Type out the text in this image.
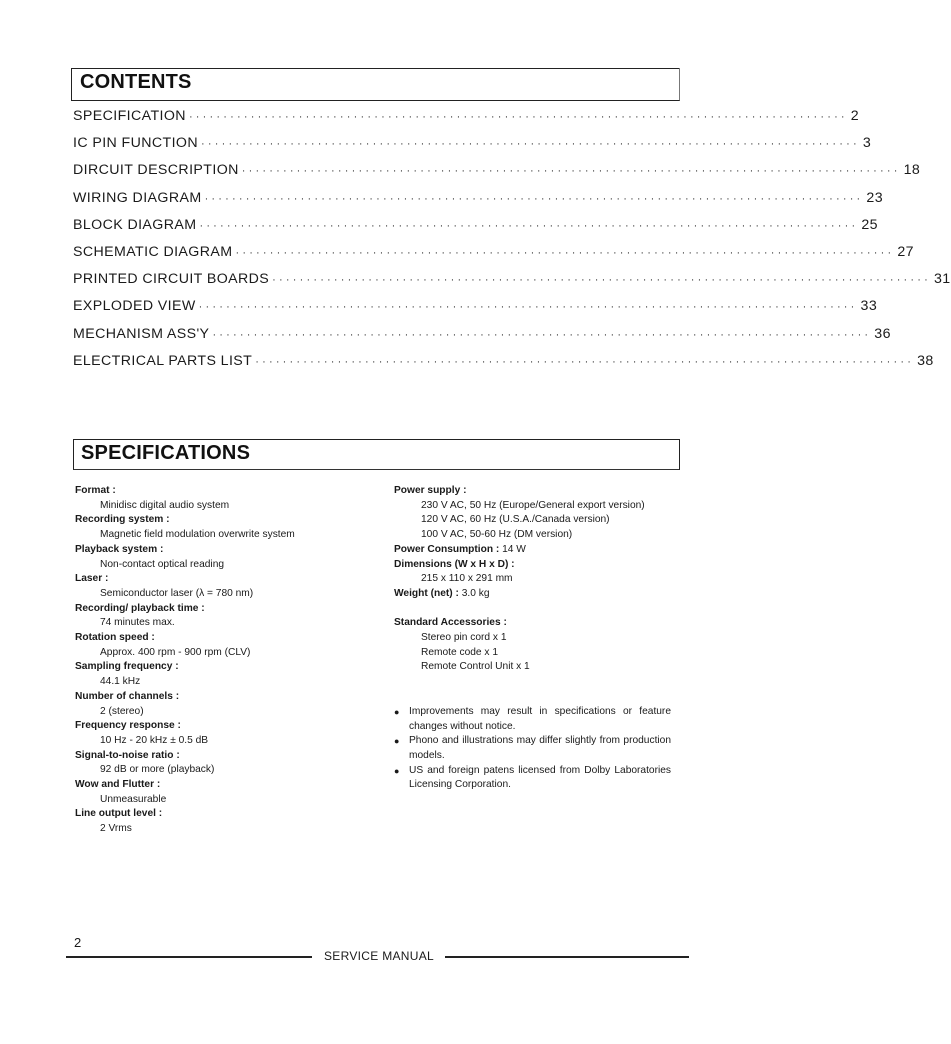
CONTENTS
SPECIFICATION ································································································ 2
IC PIN FUNCTION ································································································ 3
DIRCUIT DESCRIPTION ································································································ 18
WIRING DIAGRAM ································································································ 23
BLOCK DIAGRAM ································································································ 25
SCHEMATIC DIAGRAM ································································································ 27
PRINTED CIRCUIT BOARDS ································································································ 31
EXPLODED VIEW ································································································ 33
MECHANISM ASS'Y ································································································ 36
ELECTRICAL PARTS LIST ································································································ 38
SPECIFICATIONS
Format :
Minidisc digital audio system
Recording system :
Magnetic field modulation overwrite system
Playback system :
Non-contact optical reading
Laser :
Semiconductor laser (λ = 780 nm)
Recording/ playback time :
74 minutes max.
Rotation speed :
Approx. 400 rpm - 900 rpm (CLV)
Sampling frequency :
44.1 kHz
Number of channels :
2 (stereo)
Frequency response :
10 Hz - 20 kHz ± 0.5 dB
Signal-to-noise ratio :
92 dB or more (playback)
Wow and Flutter :
Unmeasurable
Line output level :
2 Vrms
Power supply :
230 V AC, 50 Hz (Europe/General export version)
120 V AC, 60 Hz (U.S.A./Canada version)
100 V AC, 50-60 Hz (DM version)
Power Consumption : 14 W
Dimensions (W x H x D) :
215 x 110 x 291 mm
Weight (net) : 3.0 kg
Standard Accessories :
Stereo pin cord x 1
Remote code x 1
Remote Control Unit x 1
● Improvements may result in specifications or feature changes without notice.
● Phono and illustrations may differ slightly from production models.
● US and foreign patens licensed from Dolby Laboratories Licensing Corporation.
2
SERVICE MANUAL
